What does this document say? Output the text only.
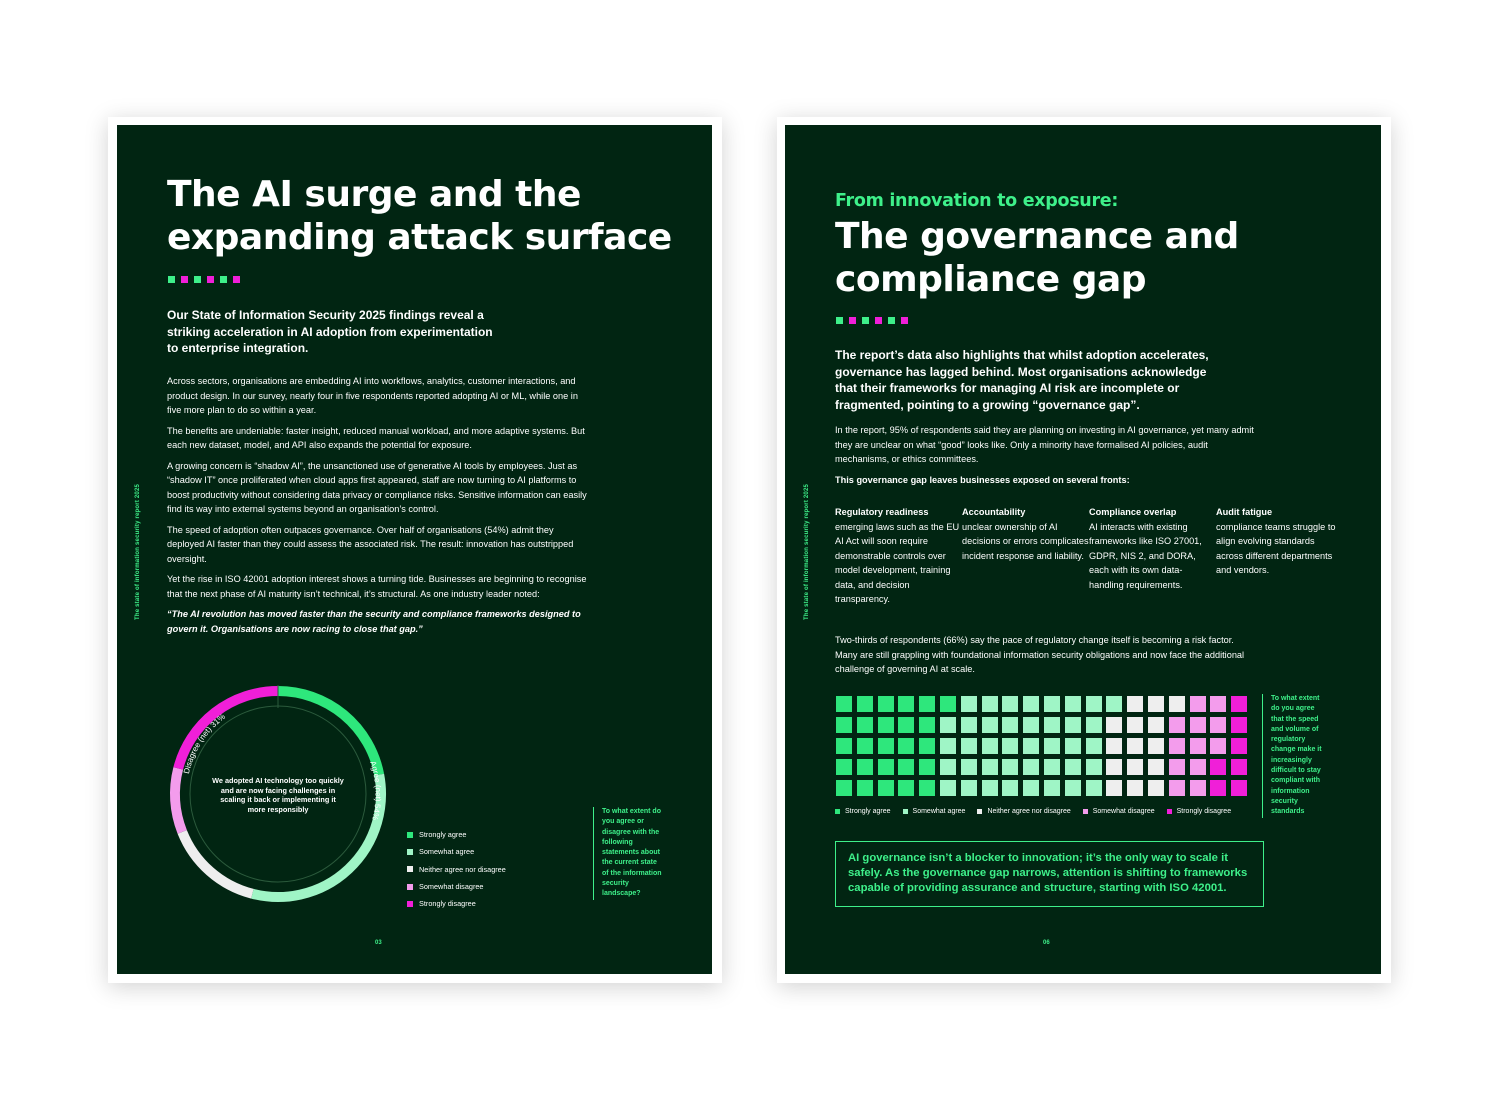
The state of information security report 2025
The AI surge and the
expanding attack surface
Our State of Information Security 2025 findings reveal a
striking acceleration in AI adoption from experimentation
to enterprise integration.

Across sectors, organisations are embedding AI into workflows, analytics, customer interactions, and product design. In our survey, nearly four in five respondents reported adopting AI or ML, while one in five more plan to do so within a year.

The benefits are undeniable: faster insight, reduced manual workload, and more adaptive systems. But each new dataset, model, and API also expands the potential for exposure.

A growing concern is “shadow AI”, the unsanctioned use of generative AI tools by employees. Just as “shadow IT” once proliferated when cloud apps first appeared, staff are now turning to AI platforms to boost productivity without considering data privacy or compliance risks. Sensitive information can easily find its way into external systems beyond an organisation’s control.

The speed of adoption often outpaces governance. Over half of organisations (54%) admit they deployed AI faster than they could assess the associated risk. The result: innovation has outstripped oversight.

Yet the rise in ISO 42001 adoption interest shows a turning tide. Businesses are beginning to recognise that the next phase of AI maturity isn’t technical, it’s structural. As one industry leader noted:

“The AI revolution has moved faster than the security and compliance frameworks designed to govern it. Organisations are now racing to close that gap.”

Agree (net) 54%
Disagree (net) 31%
We adopted AI technology too quickly and are now facing challenges in scaling it back or implementing it more responsibly
Strongly agree
Somewhat agree
Neither agree nor disagree
Somewhat disagree
Strongly disagree
To what extent do you agree or disagree with the following statements about the current state of the information security landscape?
03
The state of information security report 2025
From innovation to exposure:
The governance and
compliance gap
The report’s data also highlights that whilst adoption accelerates,
governance has lagged behind. Most organisations acknowledge
that their frameworks for managing AI risk are incomplete or
fragmented, pointing to a growing “governance gap”.

In the report, 95% of respondents said they are planning on investing in AI governance, yet many admit they are unclear on what “good” looks like. Only a minority have formalised AI policies, audit mechanisms, or ethics committees.

This governance gap leaves businesses exposed on several fronts:

Regulatory readiness
emerging laws such as the EU AI Act will soon require demonstrable controls over model development, training data, and decision transparency.
Accountability
unclear ownership of AI decisions or errors complicates incident response and liability.
Compliance overlap
AI interacts with existing frameworks like ISO 27001, GDPR, NIS 2, and DORA, each with its own data-handling requirements.
Audit fatigue
compliance teams struggle to align evolving standards across different departments and vendors.

Two-thirds of respondents (66%) say the pace of regulatory change itself is becoming a risk factor. Many are still grappling with foundational information security obligations and now face the additional challenge of governing AI at scale.

Strongly agree	Somewhat agree	Neither agree nor disagree	Somewhat disagree	Strongly disagree
To what extent do you agree that the speed and volume of regulatory change make it increasingly difficult to stay compliant with information security standards
AI governance isn’t a blocker to innovation; it’s the only way to scale it safely. As the governance gap narrows, attention is shifting to frameworks capable of providing assurance and structure, starting with ISO 42001.
06
